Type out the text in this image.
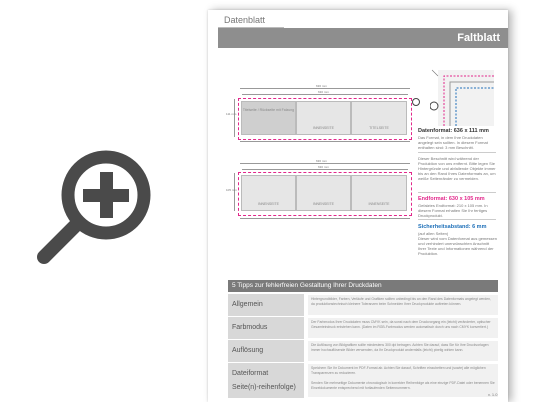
Datenblatt
Faltblatt
636 mm
630 mm
111 mm
Titelseite / Rückseite mit Falzung
INNENSEITE	TITELSEITE
636 mm
630 mm
105 mm
INNENSEITE	INNENSEITE	INNENSEITE
Datenformat: 636 x 111 mm
Das Format, in dem Ihre Druckdaten angelegt sein sollten. In diesem Format enthalten sind: 3 mm Beschnitt.
Dieser Beschnitt wird während der Produktion von uns entfernt. Bitte legen Sie Hintergründe und abfallende Objekte immer bis an den Rand Ihres Datenformats an, um weiße Seitenränder zu vermeiden.
Endformat: 630 x 105 mm
Gefalztes Endformat: 210 x 105 mm. In diesem Format erhalten Sie Ihr fertiges Druckprodukt.
Sicherheitsabstand: 6 mm
(auf allen Seiten)
Dieser wird vom Datenformat aus gemessen und verhindert unerwünschten Anschnitt Ihrer Texte und Informationen während der Produktion.
5 Tipps zur fehlerfreien Gestaltung Ihrer Druckdaten
Allgemein
Hintergrundbilder, Farben, Verläufe und Grafiken sollten unbedingt bis an den Rand des Datenformats angelegt werden, da produktionstechnisch kleinere Toleranzen beim Schneiden Ihrer Druckprodukte auftreten können.
Farbmodus
Der Farbmodus Ihrer Druckdaten muss CMYK sein, da sonst nach dem Druckvorgang ein (leicht) veränderter, optischer Gesamteindruck entstehen kann. (Daten im RGB-Farbmodus werden automatisch durch uns nach CMYK konvertiert.)
Auflösung
Die Auflösung von Bildgrafiken sollte mindestens 300 dpi betragen. Achten Sie darauf, dass Sie für Ihre Druckvorlagen immer hochauflösende Bilder verwenden, da Ihr Druckprodukt andernfalls (leicht) pixelig wirken kann.
Dateiformat
Speichern Sie Ihr Dokument im PDF-Format ab. Achten Sie darauf, Schriften einzubetten und (sowie) alle möglichen Transparenzen zu reduzieren.
Seite(n)-reihenfolge)
Senden Sie mehrseitige Dokumente chronologisch in korrekter Reihenfolge als eine einzige PDF-Datei oder benennen Sie Einzeldokumente entsprechend mit fortlaufenden Seitennummern.
v. 1.0
